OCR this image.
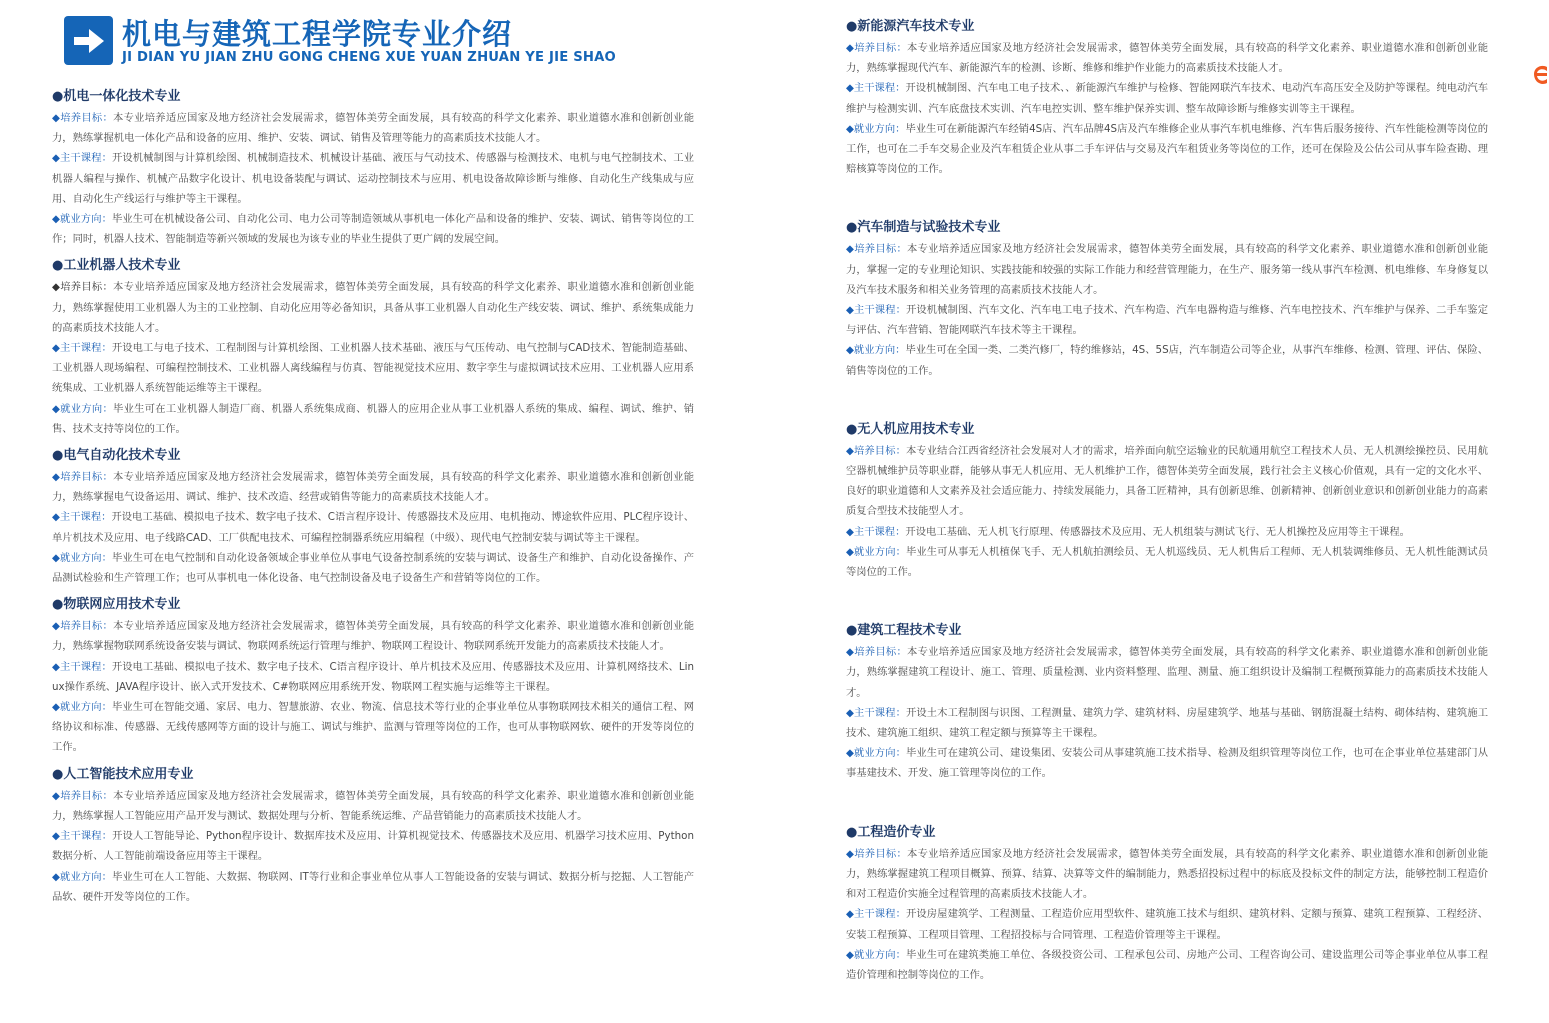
机电与建筑工程学院专业介绍
JI DIAN YU JIAN ZHU GONG CHENG XUE YUAN ZHUAN YE JIE SHAO
●机电一体化技术专业
◆培养目标：本专业培养适应国家及地方经济社会发展需求，德智体美劳全面发展，具有较高的科学文化素养、职业道德水准和创新创业能力，熟练掌握机电一体化产品和设备的应用、维护、安装、调试、销售及管理等能力的高素质技术技能人才。
◆主干课程：开设机械制图与计算机绘图、机械制造技术、机械设计基础、液压与气动技术、传感器与检测技术、电机与电气控制技术、工业机器人编程与操作、机械产品数字化设计、机电设备装配与调试、运动控制技术与应用、机电设备故障诊断与维修、自动化生产线集成与应用、自动化生产线运行与维护等主干课程。
◆就业方向：毕业生可在机械设备公司、自动化公司、电力公司等制造领域从事机电一体化产品和设备的维护、安装、调试、销售等岗位的工作；同时，机器人技术、智能制造等新兴领域的发展也为该专业的毕业生提供了更广阔的发展空间。
●工业机器人技术专业
◆培养目标：本专业培养适应国家及地方经济社会发展需求，德智体美劳全面发展，具有较高的科学文化素养、职业道德水准和创新创业能力，熟练掌握使用工业机器人为主的工业控制、自动化应用等必备知识，具备从事工业机器人自动化生产线安装、调试、维护、系统集成能力的高素质技术技能人才。
◆主干课程：开设电工与电子技术、工程制图与计算机绘图、工业机器人技术基础、液压与气压传动、电气控制与CAD技术、智能制造基础、工业机器人现场编程、可编程控制技术、工业机器人离线编程与仿真、智能视觉技术应用、数字孪生与虚拟调试技术应用、工业机器人应用系统集成、工业机器人系统智能运维等主干课程。
◆就业方向：毕业生可在工业机器人制造厂商、机器人系统集成商、机器人的应用企业从事工业机器人系统的集成、编程、调试、维护、销售、技术支持等岗位的工作。
●电气自动化技术专业
◆培养目标：本专业培养适应国家及地方经济社会发展需求，德智体美劳全面发展，具有较高的科学文化素养、职业道德水准和创新创业能力，熟练掌握电气设备运用、调试、维护、技术改造、经营或销售等能力的高素质技术技能人才。
◆主干课程：开设电工基础、模拟电子技术、数字电子技术、C语言程序设计、传感器技术及应用、电机拖动、博途软件应用、PLC程序设计、单片机技术及应用、电子线路CAD、工厂供配电技术、可编程控制器系统应用编程（中级）、现代电气控制安装与调试等主干课程。
◆就业方向：毕业生可在电气控制和自动化设备领域企事业单位从事电气设备控制系统的安装与调试、设备生产和维护、自动化设备操作、产品测试检验和生产管理工作；也可从事机电一体化设备、电气控制设备及电子设备生产和营销等岗位的工作。
●物联网应用技术专业
◆培养目标：本专业培养适应国家及地方经济社会发展需求，德智体美劳全面发展，具有较高的科学文化素养、职业道德水准和创新创业能力，熟练掌握物联网系统设备安装与调试、物联网系统运行管理与维护、物联网工程设计、物联网系统开发能力的高素质技术技能人才。
◆主干课程：开设电工基础、模拟电子技术、数字电子技术、C语言程序设计、单片机技术及应用、传感器技术及应用、计算机网络技术、Linux操作系统、JAVA程序设计、嵌入式开发技术、C#物联网应用系统开发、物联网工程实施与运维等主干课程。
◆就业方向：毕业生可在智能交通、家居、电力、智慧旅游、农业、物流、信息技术等行业的企事业单位从事物联网技术相关的通信工程、网络协议和标准、传感器、无线传感网等方面的设计与施工、调试与维护、监测与管理等岗位的工作，也可从事物联网软、硬件的开发等岗位的工作。
●人工智能技术应用专业
◆培养目标：本专业培养适应国家及地方经济社会发展需求，德智体美劳全面发展，具有较高的科学文化素养、职业道德水准和创新创业能力，熟练掌握人工智能应用产品开发与测试、数据处理与分析、智能系统运维、产品营销能力的高素质技术技能人才。
◆主干课程：开设人工智能导论、Python程序设计、数据库技术及应用、计算机视觉技术、传感器技术及应用、机器学习技术应用、Python数据分析、人工智能前端设备应用等主干课程。
◆就业方向：毕业生可在人工智能、大数据、物联网、IT等行业和企事业单位从事人工智能设备的安装与调试、数据分析与挖掘、人工智能产品软、硬件开发等岗位的工作。
●新能源汽车技术专业
◆培养目标：本专业培养适应国家及地方经济社会发展需求，德智体美劳全面发展，具有较高的科学文化素养、职业道德水准和创新创业能力，熟练掌握现代汽车、新能源汽车的检测、诊断、维修和维护作业能力的高素质技术技能人才。
◆主干课程：开设机械制图、汽车电工电子技术、、新能源汽车维护与检修、智能网联汽车技术、电动汽车高压安全及防护等课程。纯电动汽车维护与检测实训、汽车底盘技术实训、汽车电控实训、整车维护保养实训、整车故障诊断与维修实训等主干课程。
◆就业方向：毕业生可在新能源汽车经销4S店、汽车品牌4S店及汽车维修企业从事汽车机电维修、汽车售后服务接待、汽车性能检测等岗位的工作，也可在二手车交易企业及汽车租赁企业从事二手车评估与交易及汽车租赁业务等岗位的工作，还可在保险及公估公司从事车险查勘、理赔核算等岗位的工作。
●汽车制造与试验技术专业
◆培养目标：本专业培养适应国家及地方经济社会发展需求，德智体美劳全面发展，具有较高的科学文化素养、职业道德水准和创新创业能力，掌握一定的专业理论知识、实践技能和较强的实际工作能力和经营管理能力，在生产、服务第一线从事汽车检测、机电维修、车身修复以及汽车技术服务和相关业务管理的高素质技术技能人才。
◆主干课程：开设机械制图、汽车文化、汽车电工电子技术、汽车构造、汽车电器构造与维修、汽车电控技术、汽车维护与保养、二手车鉴定与评估、汽车营销、智能网联汽车技术等主干课程。
◆就业方向：毕业生可在全国一类、二类汽修厂，特约维修站，4S、5S店，汽车制造公司等企业，从事汽车维修、检测、管理、评估、保险、销售等岗位的工作。
●无人机应用技术专业
◆培养目标：本专业结合江西省经济社会发展对人才的需求，培养面向航空运输业的民航通用航空工程技术人员、无人机测绘操控员、民用航空器机械维护员等职业群，能够从事无人机应用、无人机维护工作，德智体美劳全面发展，践行社会主义核心价值观，具有一定的文化水平、良好的职业道德和人文素养及社会适应能力、持续发展能力，具备工匠精神，具有创新思维、创新精神、创新创业意识和创新创业能力的高素质复合型技术技能型人才。
◆主干课程：开设电工基础、无人机飞行原理、传感器技术及应用、无人机组装与测试飞行、无人机操控及应用等主干课程。
◆就业方向：毕业生可从事无人机植保飞手、无人机航拍测绘员、无人机巡线员、无人机售后工程师、无人机装调维修员、无人机性能测试员等岗位的工作。
●建筑工程技术专业
◆培养目标：本专业培养适应国家及地方经济社会发展需求，德智体美劳全面发展，具有较高的科学文化素养、职业道德水准和创新创业能力，熟练掌握建筑工程设计、施工、管理、质量检测、业内资料整理、监理、测量、施工组织设计及编制工程概预算能力的高素质技术技能人才。
◆主干课程：开设土木工程制图与识图、工程测量、建筑力学、建筑材料、房屋建筑学、地基与基础、钢筋混凝土结构、砌体结构、建筑施工技术、建筑施工组织、建筑工程定额与预算等主干课程。
◆就业方向：毕业生可在建筑公司、建设集团、安装公司从事建筑施工技术指导、检测及组织管理等岗位工作，也可在企事业单位基建部门从事基建技术、开发、施工管理等岗位的工作。
●工程造价专业
◆培养目标：本专业培养适应国家及地方经济社会发展需求，德智体美劳全面发展，具有较高的科学文化素养、职业道德水准和创新创业能力，熟练掌握建筑工程项目概算、预算、结算、决算等文件的编制能力，熟悉招投标过程中的标底及投标文件的制定方法，能够控制工程造价和对工程造价实施全过程管理的高素质技术技能人才。
◆主干课程：开设房屋建筑学、工程测量、工程造价应用型软件、建筑施工技术与组织、建筑材料、定额与预算、建筑工程预算、工程经济、安装工程预算、工程项目管理、工程招投标与合同管理、工程造价管理等主干课程。
◆就业方向：毕业生可在建筑类施工单位、各级投资公司、工程承包公司、房地产公司、工程咨询公司、建设监理公司等企事业单位从事工程造价管理和控制等岗位的工作。
